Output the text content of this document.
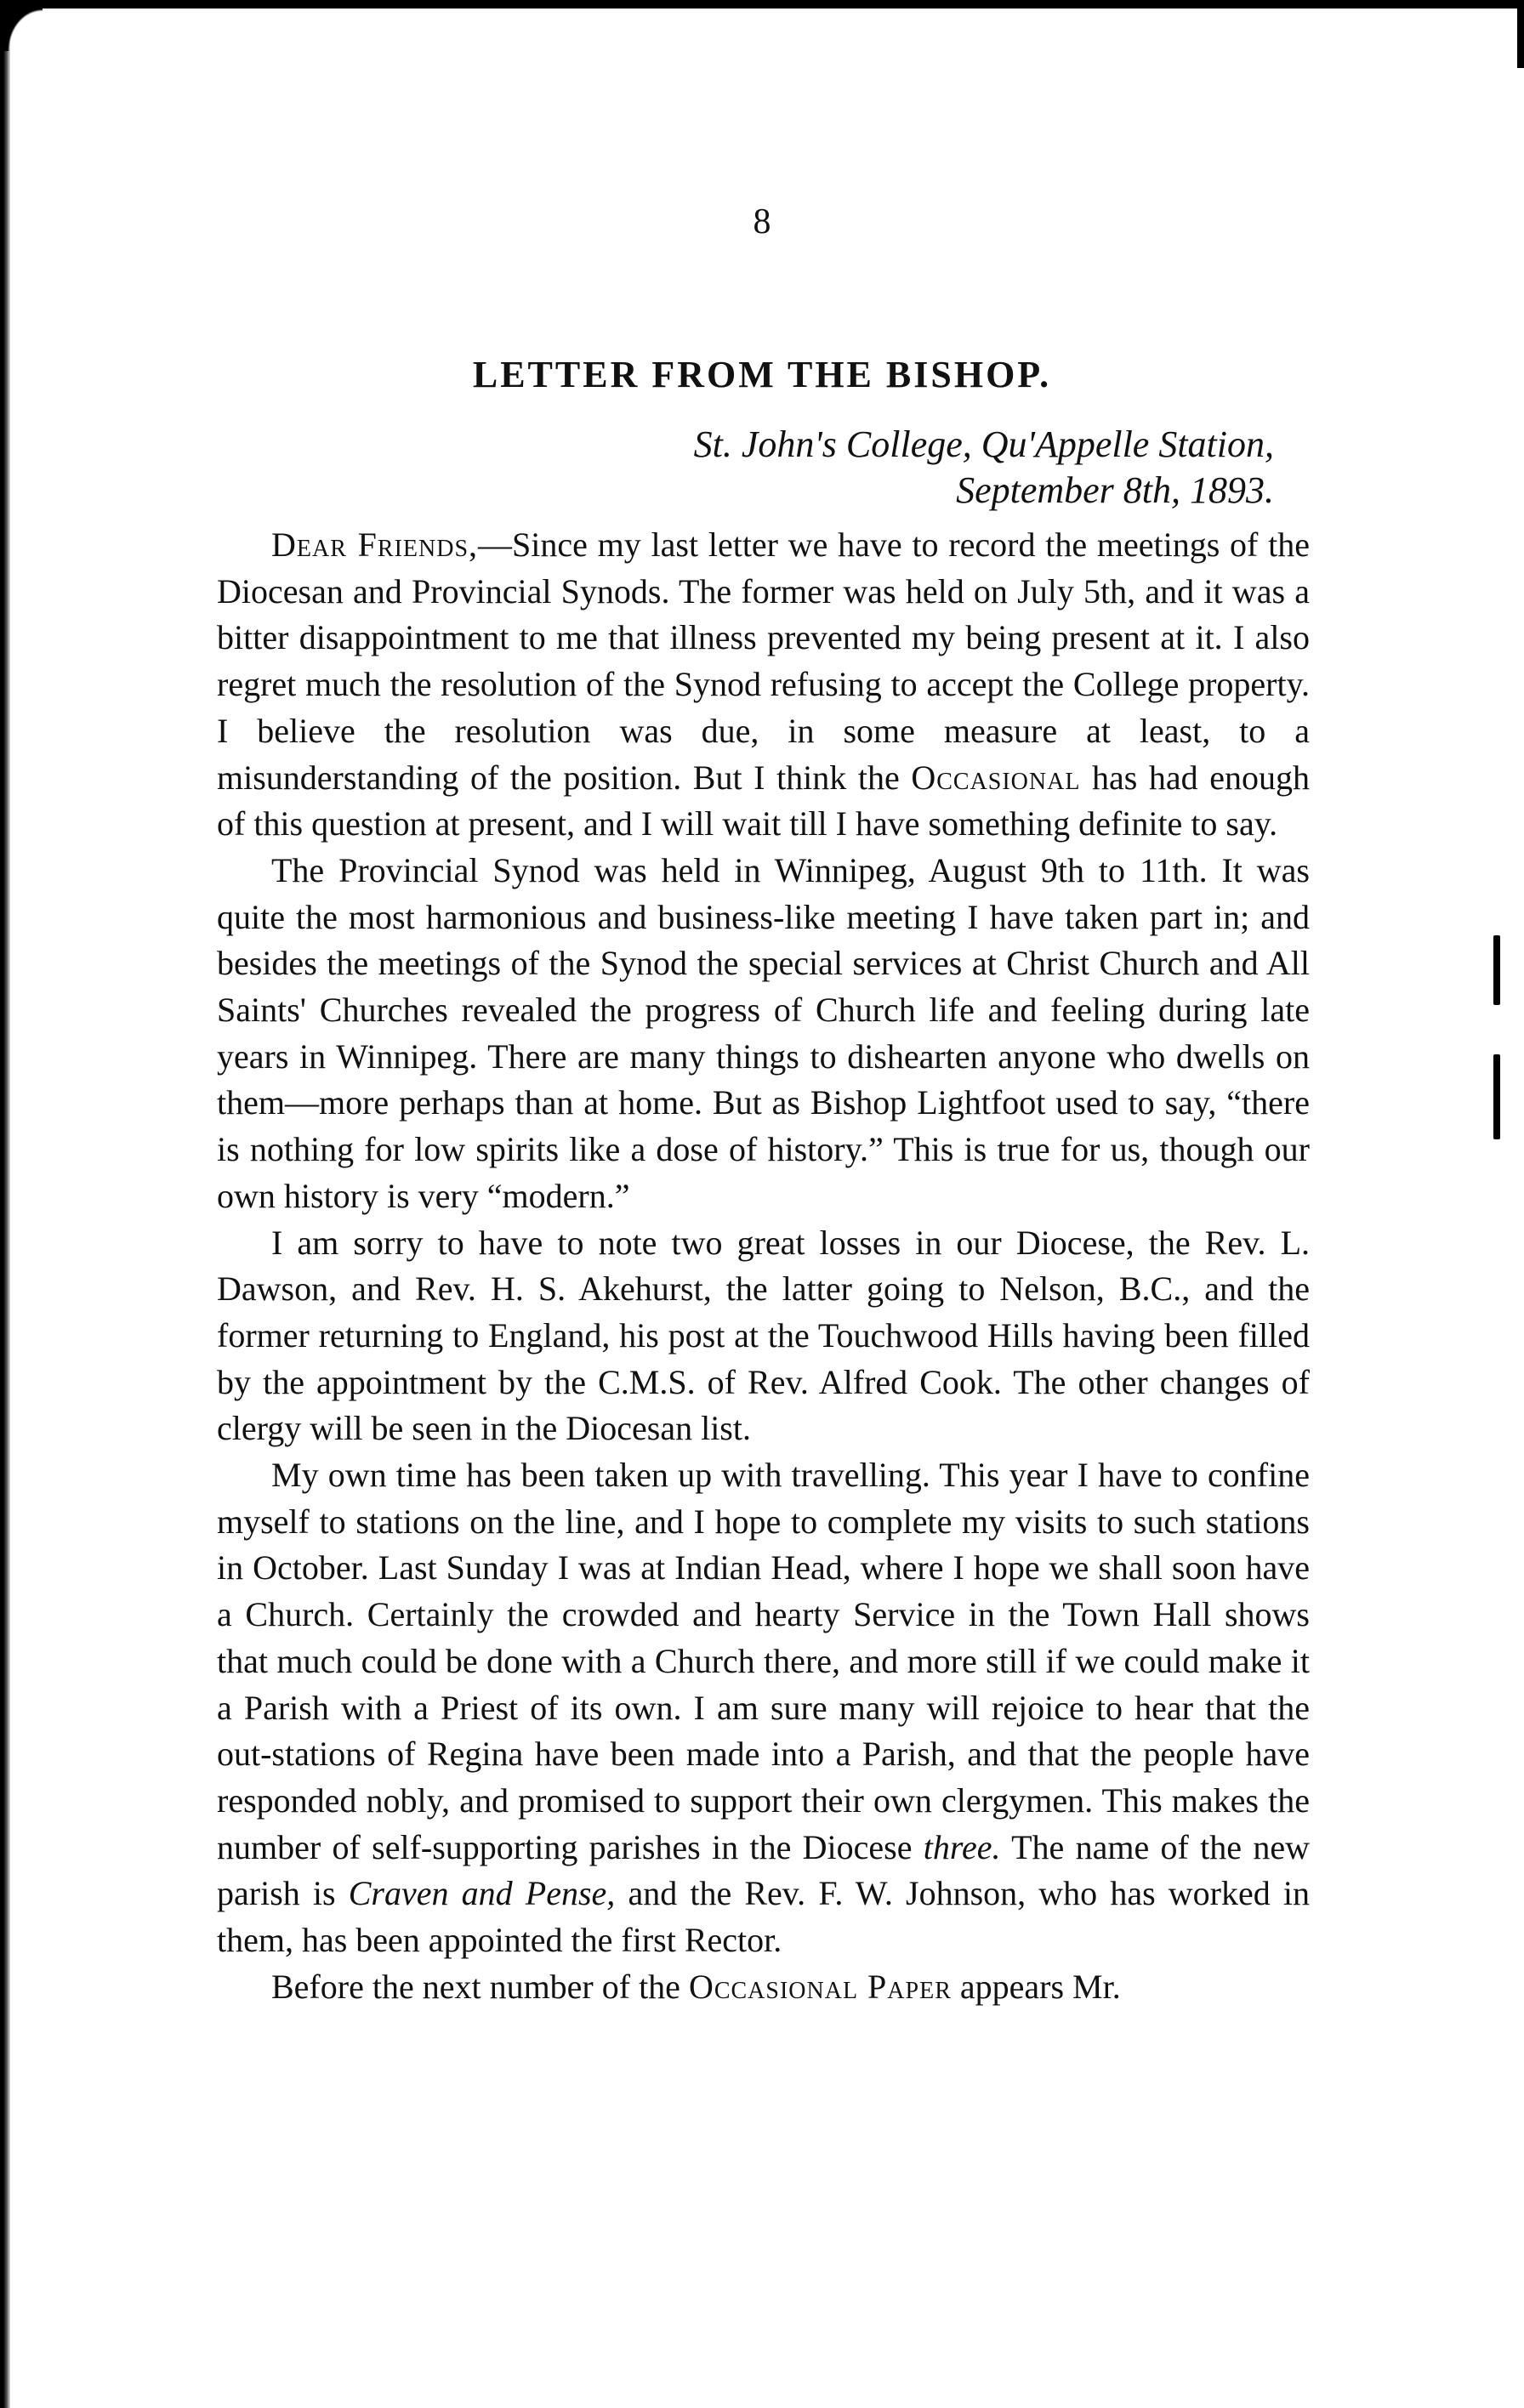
8
LETTER FROM THE BISHOP.
St. John's College, Qu'Appelle Station,
September 8th, 1893.

Dear Friends,—Since my last letter we have to record the meetings of the Diocesan and Provincial Synods. The former was held on July 5th, and it was a bitter disappointment to me that illness prevented my being present at it. I also regret much the resolution of the Synod refusing to accept the College property. I believe the resolution was due, in some measure at least, to a misunderstanding of the position. But I think the Occasional has had enough of this question at present, and I will wait till I have something definite to say.

The Provincial Synod was held in Winnipeg, August 9th to 11th. It was quite the most harmonious and business-like meeting I have taken part in; and besides the meetings of the Synod the special services at Christ Church and All Saints' Churches revealed the progress of Church life and feeling during late years in Winnipeg. There are many things to dishearten anyone who dwells on them—more perhaps than at home. But as Bishop Lightfoot used to say, “there is nothing for low spirits like a dose of history.” This is true for us, though our own history is very “modern.”

I am sorry to have to note two great losses in our Diocese, the Rev. L. Dawson, and Rev. H. S. Akehurst, the latter going to Nelson, B.C., and the former returning to England, his post at the Touchwood Hills having been filled by the appointment by the C.M.S. of Rev. Alfred Cook. The other changes of clergy will be seen in the Diocesan list.

My own time has been taken up with travelling. This year I have to confine myself to stations on the line, and I hope to complete my visits to such stations in October. Last Sunday I was at Indian Head, where I hope we shall soon have a Church. Certainly the crowded and hearty Service in the Town Hall shows that much could be done with a Church there, and more still if we could make it a Parish with a Priest of its own. I am sure many will rejoice to hear that the out-stations of Regina have been made into a Parish, and that the people have responded nobly, and promised to support their own clergymen. This makes the number of self-supporting parishes in the Diocese three. The name of the new parish is Craven and Pense, and the Rev. F. W. Johnson, who has worked in them, has been appointed the first Rector.

Before the next number of the Occasional Paper appears Mr.
